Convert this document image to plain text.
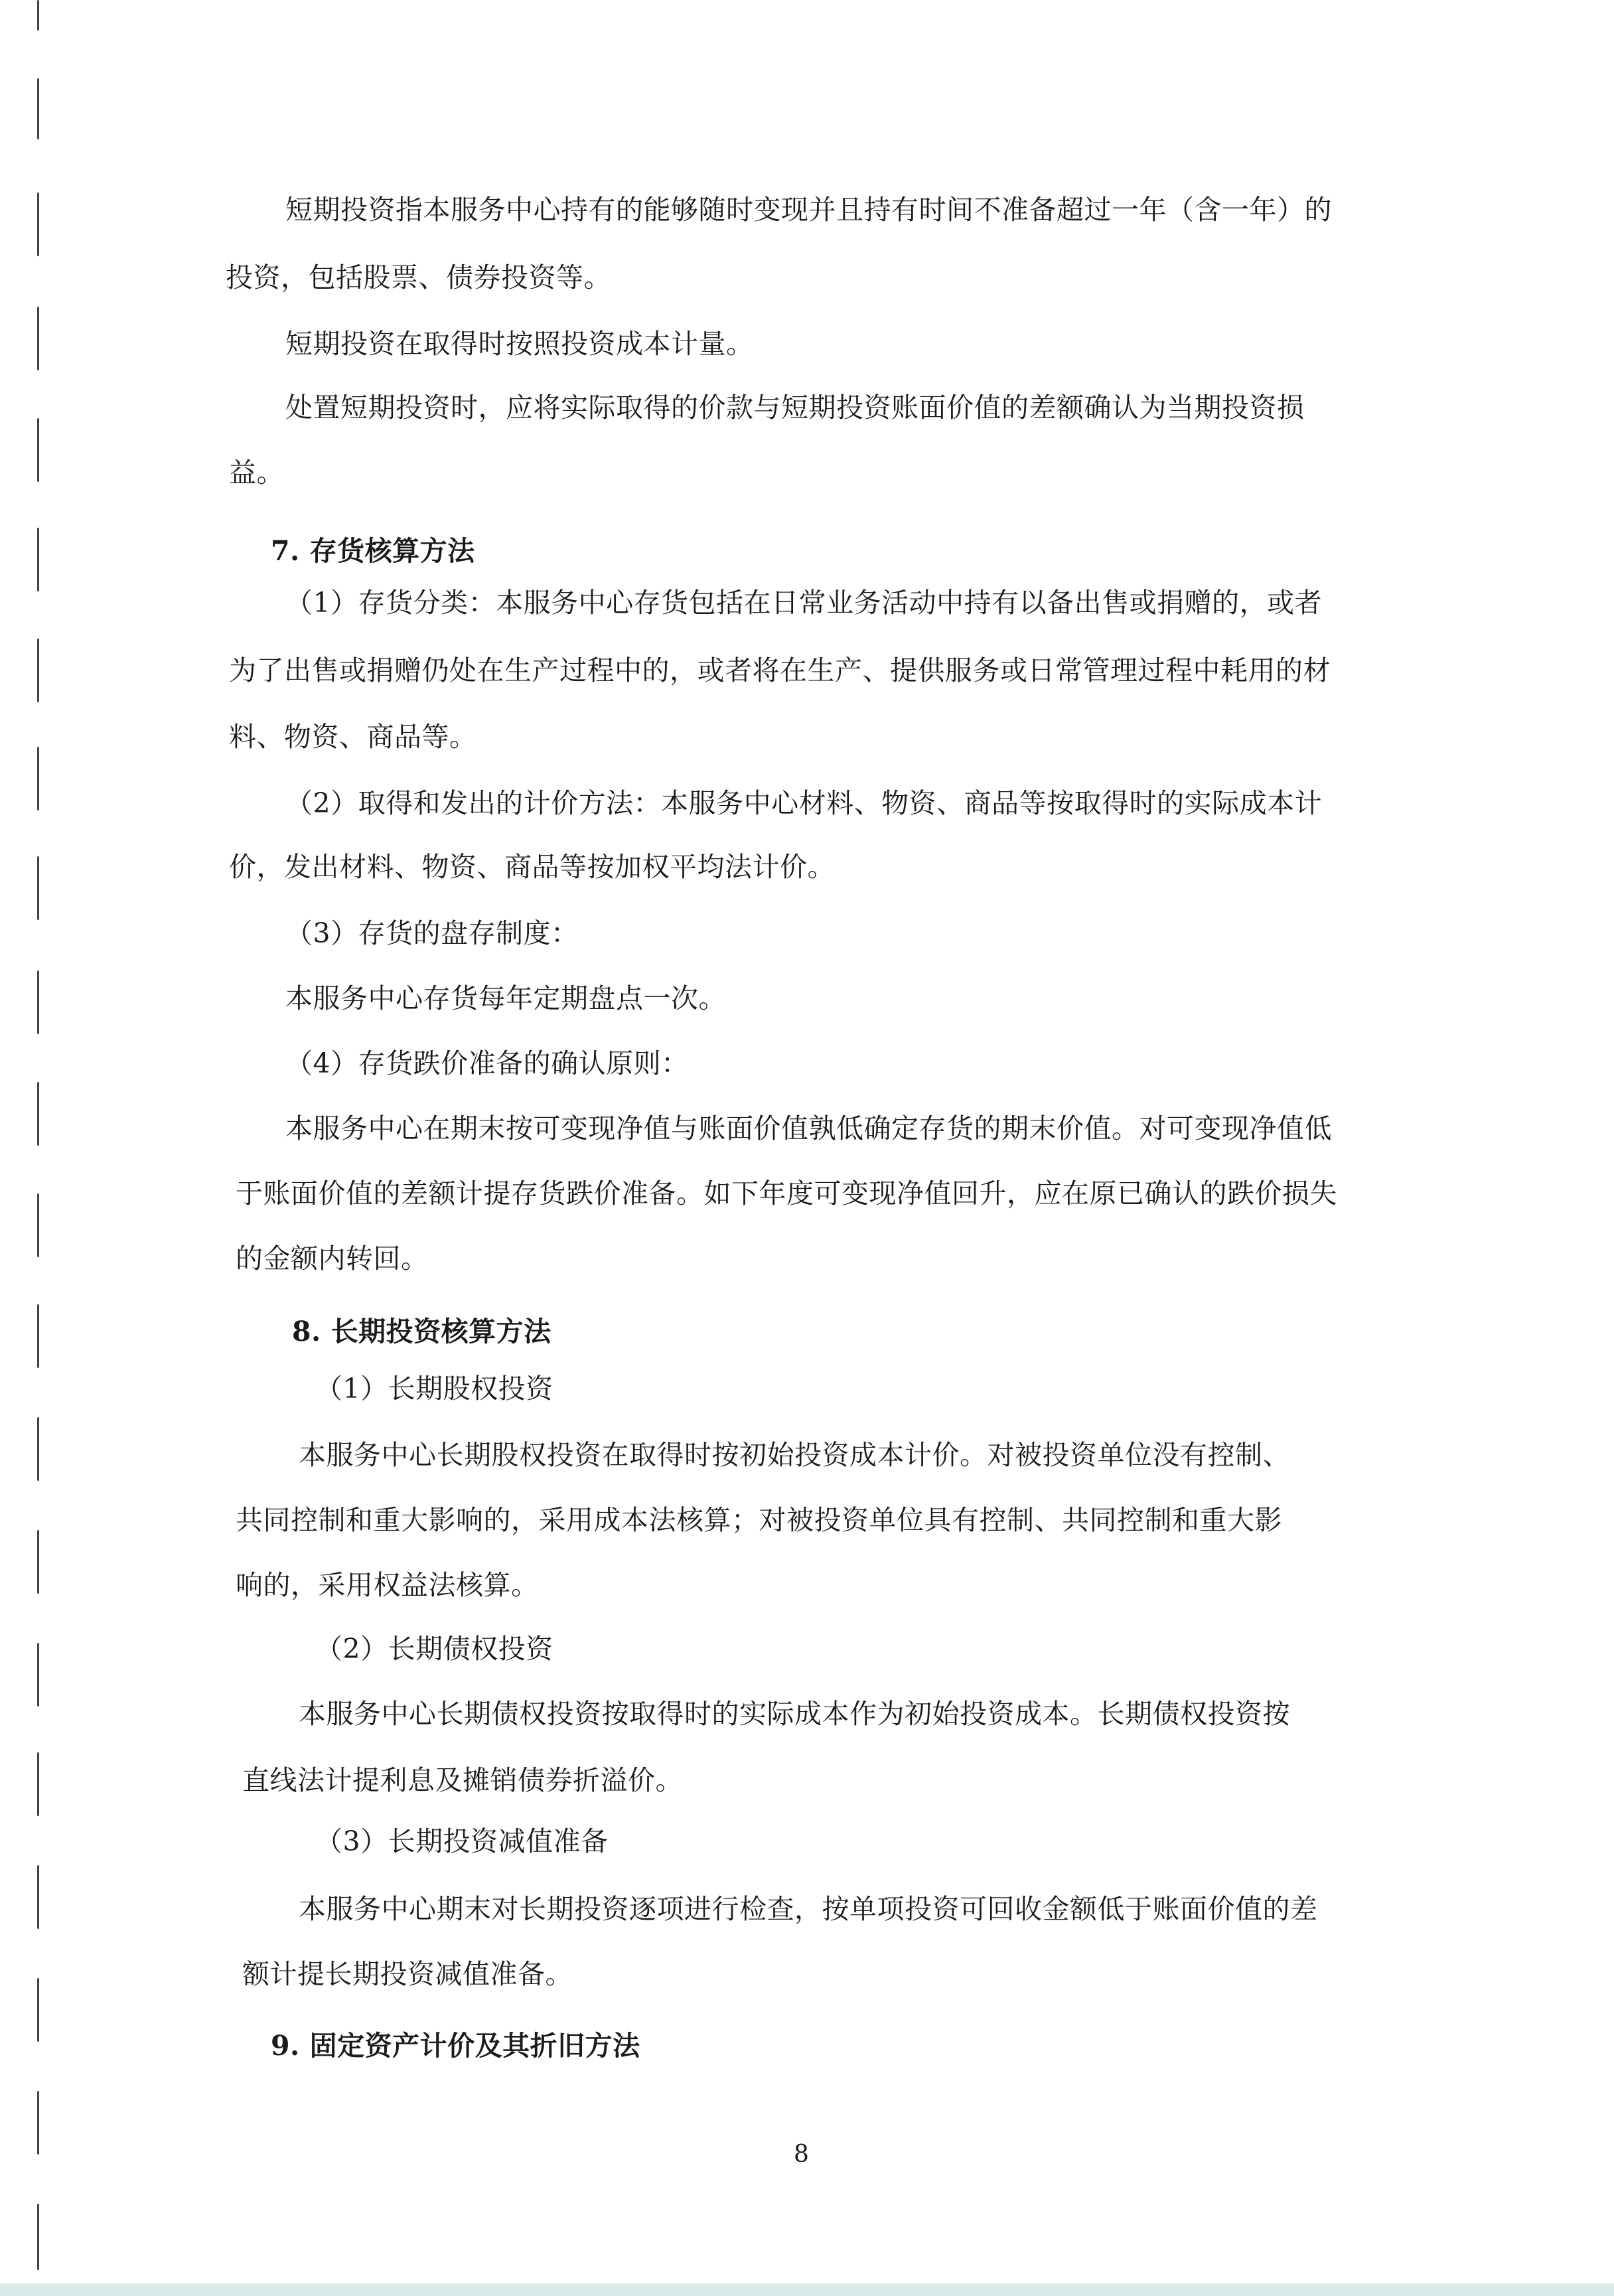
短期投资指本服务中心持有的能够随时变现并且持有时间不准备超过一年（含一年）的
投资，包括股票、债券投资等。
短期投资在取得时按照投资成本计量。
处置短期投资时，应将实际取得的价款与短期投资账面价值的差额确认为当期投资损
益。
7. 存货核算方法
（1）存货分类：本服务中心存货包括在日常业务活动中持有以备出售或捐赠的，或者
为了出售或捐赠仍处在生产过程中的，或者将在生产、提供服务或日常管理过程中耗用的材
料、物资、商品等。
（2）取得和发出的计价方法：本服务中心材料、物资、商品等按取得时的实际成本计
价，发出材料、物资、商品等按加权平均法计价。
（3）存货的盘存制度：
本服务中心存货每年定期盘点一次。
（4）存货跌价准备的确认原则：
本服务中心在期末按可变现净值与账面价值孰低确定存货的期末价值。对可变现净值低
于账面价值的差额计提存货跌价准备。如下年度可变现净值回升，应在原已确认的跌价损失
的金额内转回。
8. 长期投资核算方法
（1）长期股权投资
本服务中心长期股权投资在取得时按初始投资成本计价。对被投资单位没有控制、
共同控制和重大影响的，采用成本法核算；对被投资单位具有控制、共同控制和重大影
响的，采用权益法核算。
（2）长期债权投资
本服务中心长期债权投资按取得时的实际成本作为初始投资成本。长期债权投资按
直线法计提利息及摊销债券折溢价。
（3）长期投资减值准备
本服务中心期末对长期投资逐项进行检查，按单项投资可回收金额低于账面价值的差
额计提长期投资减值准备。
9. 固定资产计价及其折旧方法
8
